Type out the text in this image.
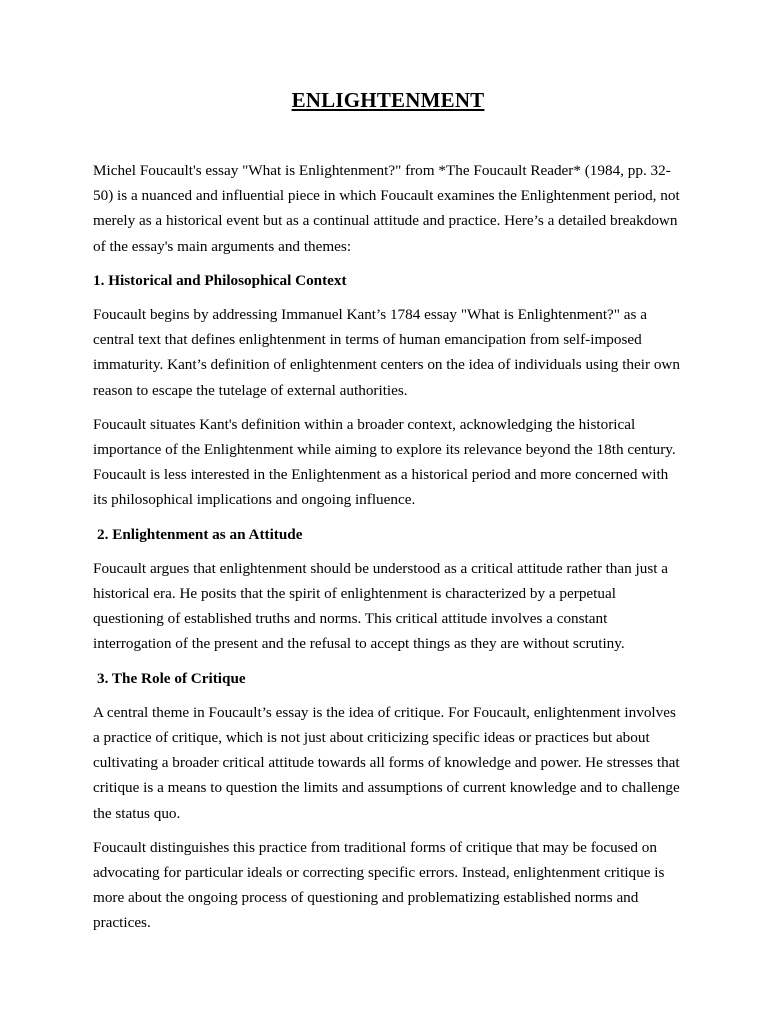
ENLIGHTENMENT

Michel Foucault's essay "What is Enlightenment?" from *The Foucault Reader* (1984, pp. 32-50) is a nuanced and influential piece in which Foucault examines the Enlightenment period, not merely as a historical event but as a continual attitude and practice. Here’s a detailed breakdown of the essay's main arguments and themes:

1. Historical and Philosophical Context

Foucault begins by addressing Immanuel Kant’s 1784 essay "What is Enlightenment?" as a central text that defines enlightenment in terms of human emancipation from self-imposed immaturity. Kant’s definition of enlightenment centers on the idea of individuals using their own reason to escape the tutelage of external authorities.

Foucault situates Kant's definition within a broader context, acknowledging the historical importance of the Enlightenment while aiming to explore its relevance beyond the 18th century. Foucault is less interested in the Enlightenment as a historical period and more concerned with its philosophical implications and ongoing influence.

2. Enlightenment as an Attitude

Foucault argues that enlightenment should be understood as a critical attitude rather than just a historical era. He posits that the spirit of enlightenment is characterized by a perpetual questioning of established truths and norms. This critical attitude involves a constant interrogation of the present and the refusal to accept things as they are without scrutiny.

3. The Role of Critique

A central theme in Foucault’s essay is the idea of critique. For Foucault, enlightenment involves a practice of critique, which is not just about criticizing specific ideas or practices but about cultivating a broader critical attitude towards all forms of knowledge and power. He stresses that critique is a means to question the limits and assumptions of current knowledge and to challenge the status quo.

Foucault distinguishes this practice from traditional forms of critique that may be focused on advocating for particular ideals or correcting specific errors. Instead, enlightenment critique is more about the ongoing process of questioning and problematizing established norms and practices.
